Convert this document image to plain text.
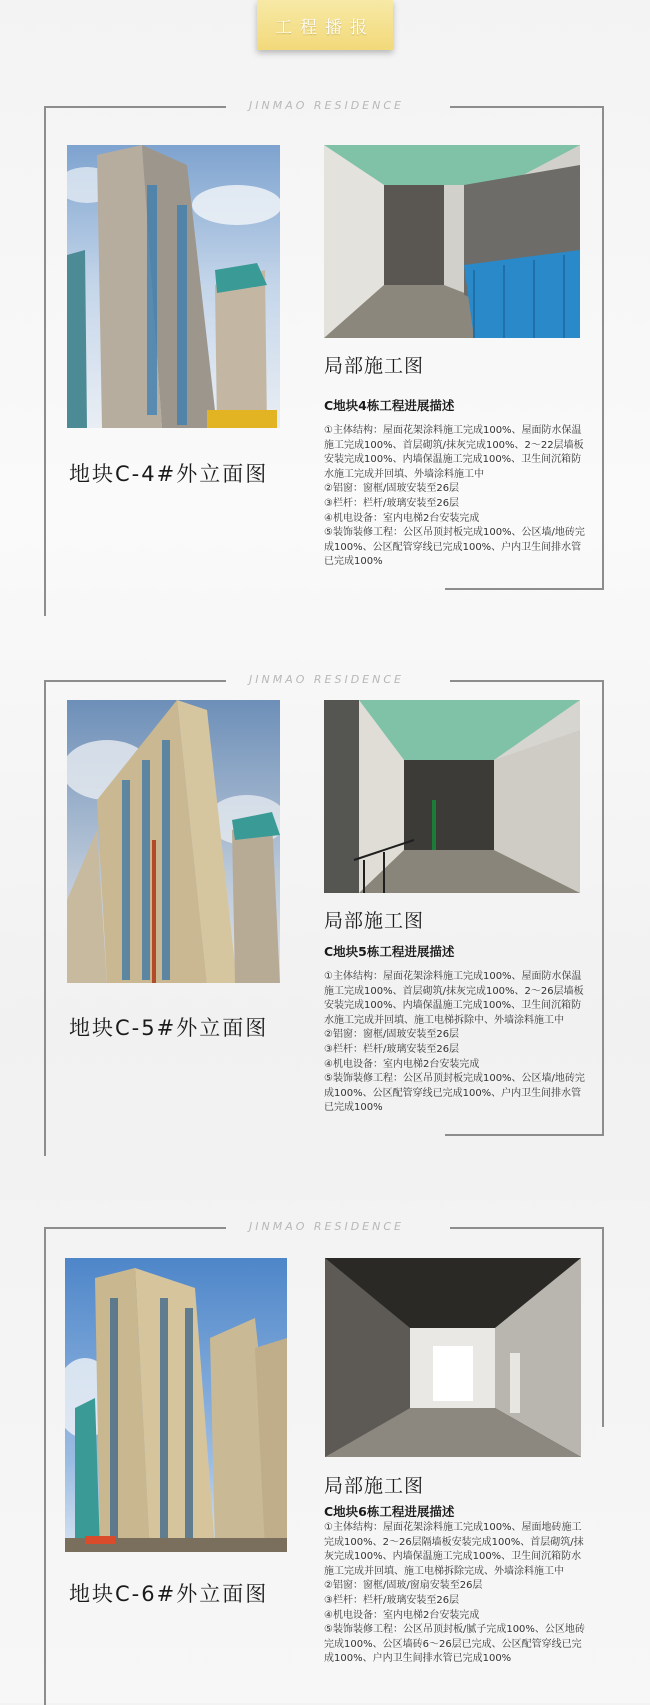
工程播报
JINMAO RESIDENCE
地块C-4#外立面图
局部施工图
C地块4栋工程进展描述

①主体结构：屋面花架涂料施工完成100%、屋面防水保温施工完成100%、首层砌筑/抹灰完成100%、2～22层墙板安装完成100%、内墙保温施工完成100%、卫生间沉箱防水施工完成并回填、外墙涂料施工中

②铝窗：窗框/固玻安装至26层

③栏杆：栏杆/玻璃安装至26层

④机电设备：室内电梯2台安装完成

⑤装饰装修工程：公区吊顶封板完成100%、公区墙/地砖完成100%、公区配管穿线已完成100%、户内卫生间排水管已完成100%

JINMAO RESIDENCE
地块C-5#外立面图
局部施工图
C地块5栋工程进展描述

①主体结构：屋面花架涂料施工完成100%、屋面防水保温施工完成100%、首层砌筑/抹灰完成100%、2～26层墙板安装完成100%、内墙保温施工完成100%、卫生间沉箱防水施工完成并回填、施工电梯拆除中、外墙涂料施工中

②铝窗：窗框/固玻安装至26层

③栏杆：栏杆/玻璃安装至26层

④机电设备：室内电梯2台安装完成

⑤装饰装修工程：公区吊顶封板完成100%、公区墙/地砖完成100%、公区配管穿线已完成100%、户内卫生间排水管已完成100%

JINMAO RESIDENCE
地块C-6#外立面图
局部施工图
C地块6栋工程进展描述

①主体结构：屋面花架涂料施工完成100%、屋面地砖施工完成100%、2～26层隔墙板安装完成100%、首层砌筑/抹灰完成100%、内墙保温施工完成100%、卫生间沉箱防水施工完成并回填、施工电梯拆除完成、外墙涂料施工中

②铝窗：窗框/固玻/窗扇安装至26层

③栏杆：栏杆/玻璃安装至26层

④机电设备：室内电梯2台安装完成

⑤装饰装修工程：公区吊顶封板/腻子完成100%、公区地砖完成100%、公区墙砖6～26层已完成、公区配管穿线已完成100%、户内卫生间排水管已完成100%
